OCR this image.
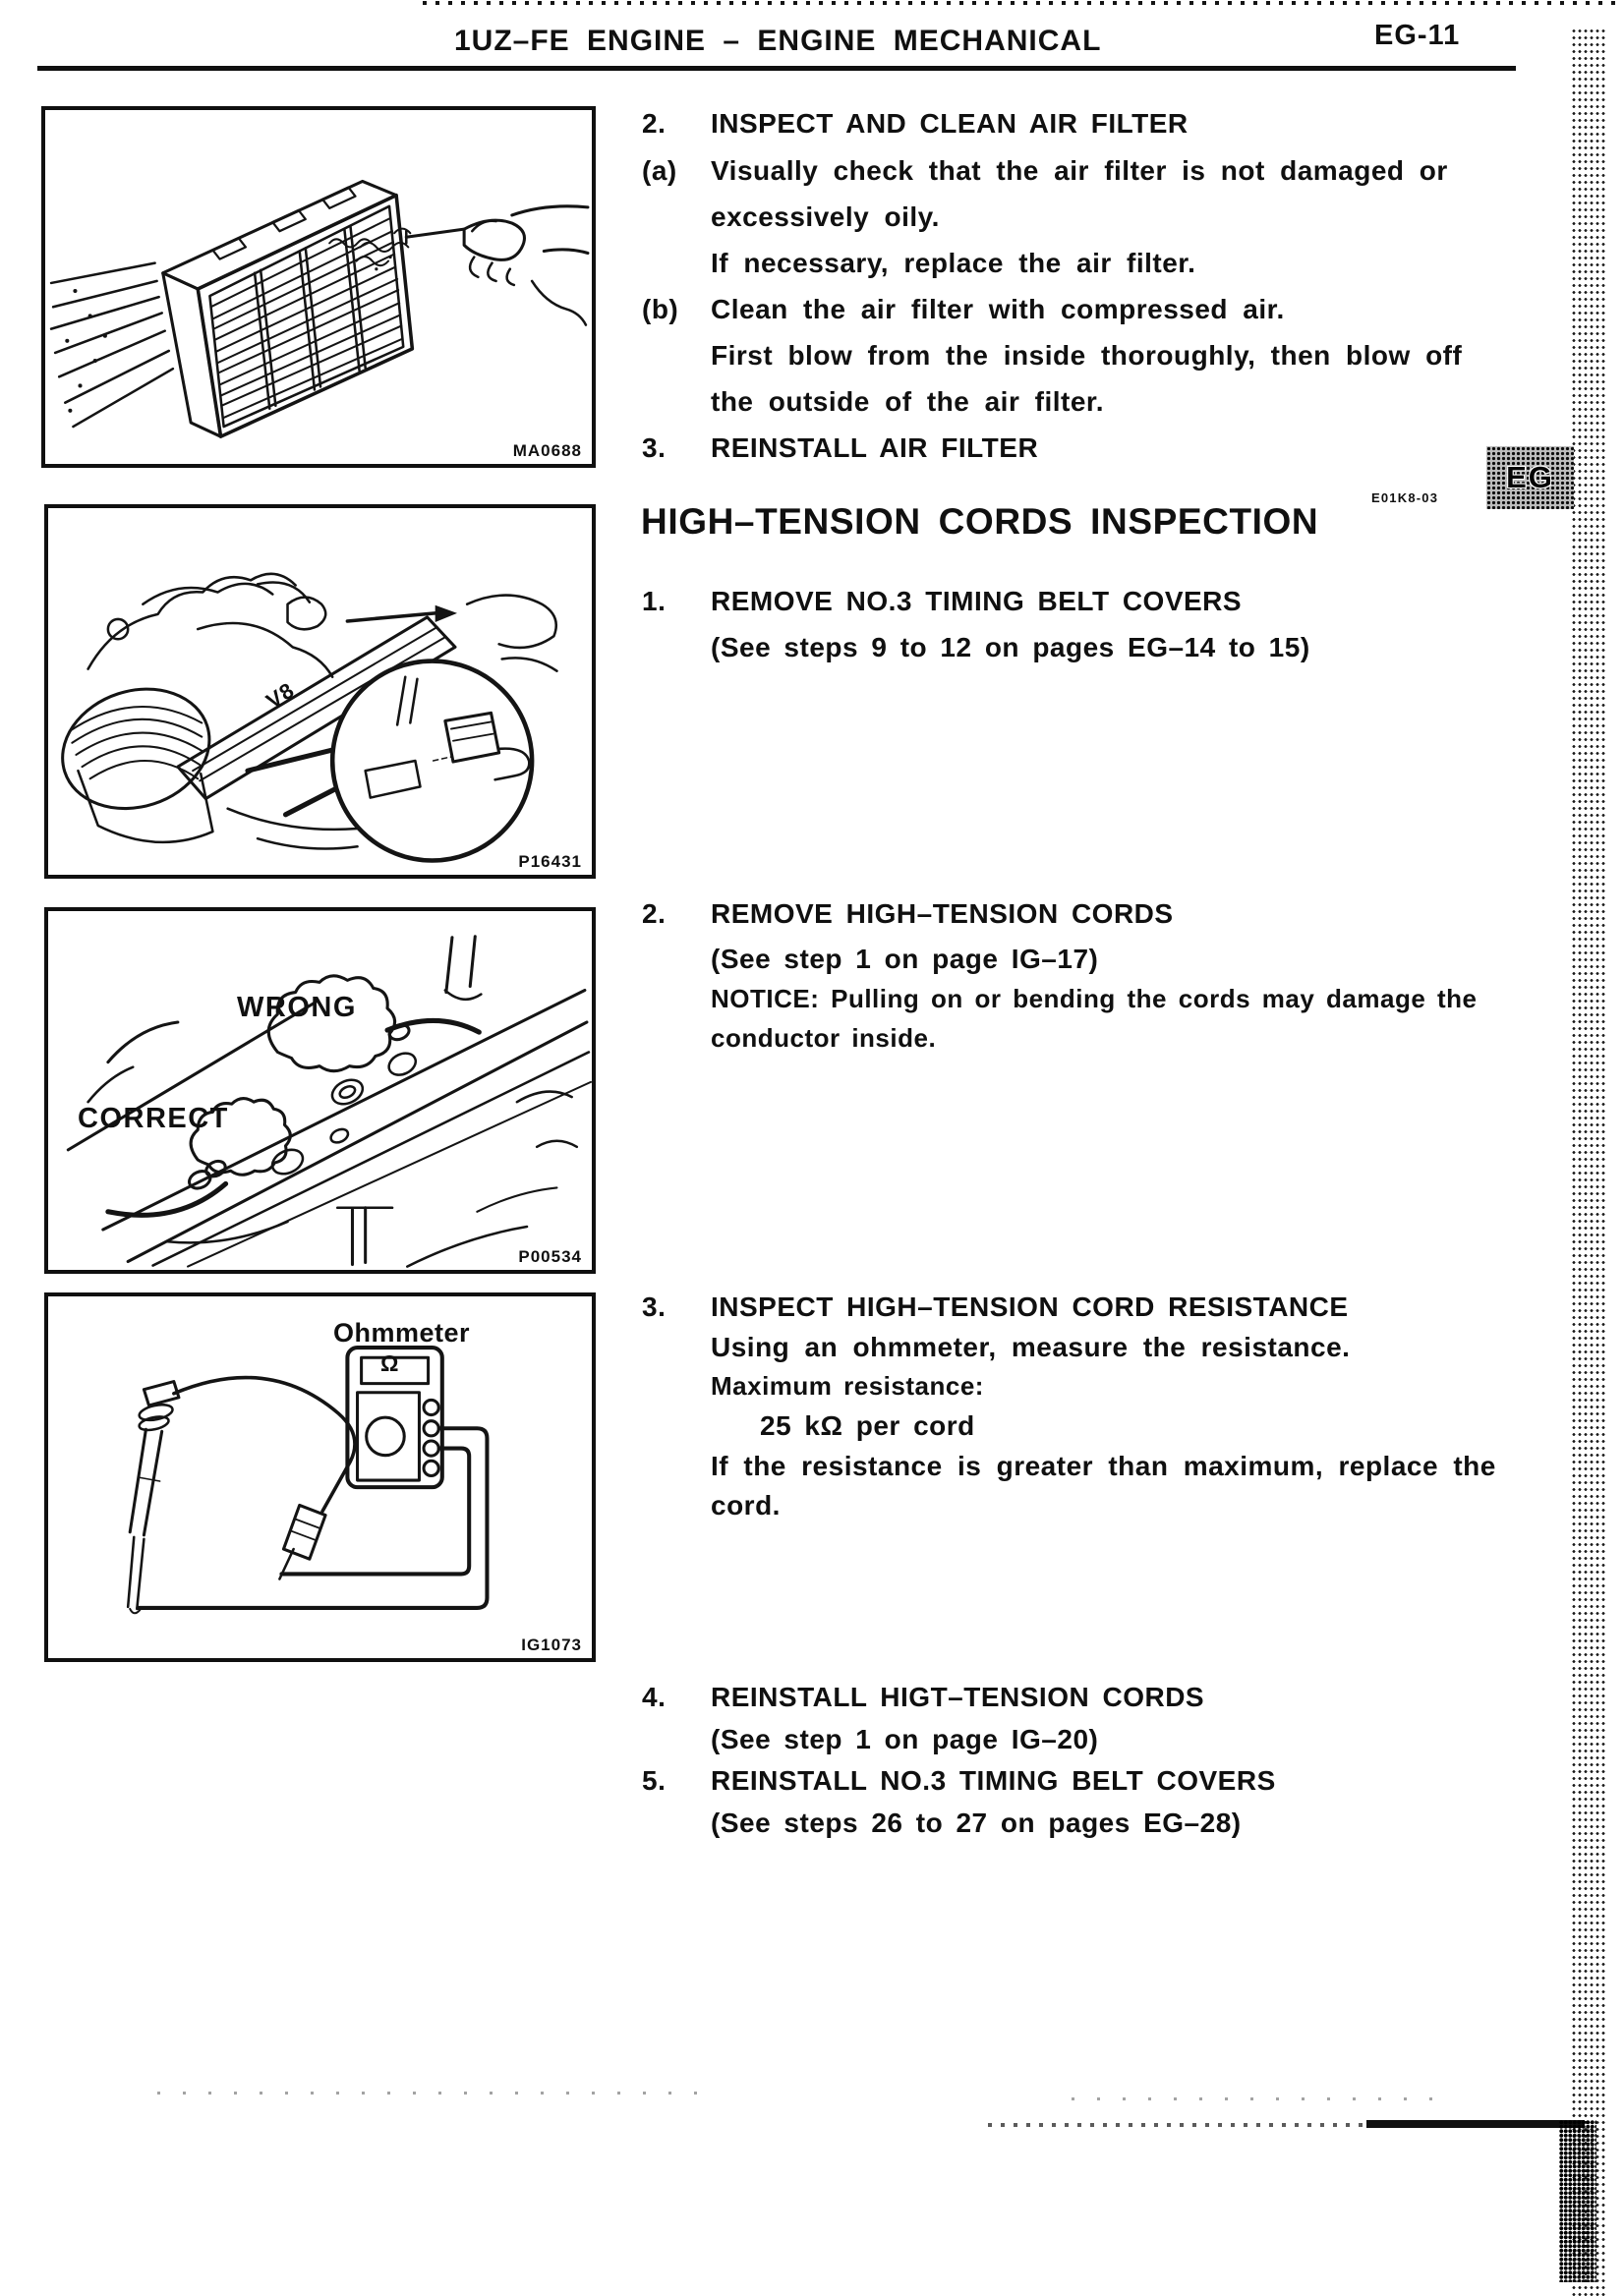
1UZ–FE ENGINE – ENGINE MECHANICAL	EG-11
EG
MA0688
V8
P16431
WRONG
CORRECT
P00534
Ohmmeter
Ω
IG1073
2. INSPECT AND CLEAN AIR FILTER
(a) Visually check that the air filter is not damaged or
excessively oily.
If necessary, replace the air filter.
(b) Clean the air filter with compressed air.
First blow from the inside thoroughly, then blow off
the outside of the air filter.
3. REINSTALL AIR FILTER
E01K8-03
HIGH–TENSION CORDS INSPECTION
1. REMOVE NO.3 TIMING BELT COVERS
(See steps 9 to 12 on pages EG–14 to 15)
2. REMOVE HIGH–TENSION CORDS
(See step 1 on page IG–17)
NOTICE: Pulling on or bending the cords may damage the
conductor inside.
3. INSPECT HIGH–TENSION CORD RESISTANCE
Using an ohmmeter, measure the resistance.
Maximum resistance:
25 kΩ per cord
If the resistance is greater than maximum, replace the
cord.
4. REINSTALL HIGT–TENSION CORDS
(See step 1 on page IG–20)
5. REINSTALL NO.3 TIMING BELT COVERS
(See steps 26 to 27 on pages EG–28)
